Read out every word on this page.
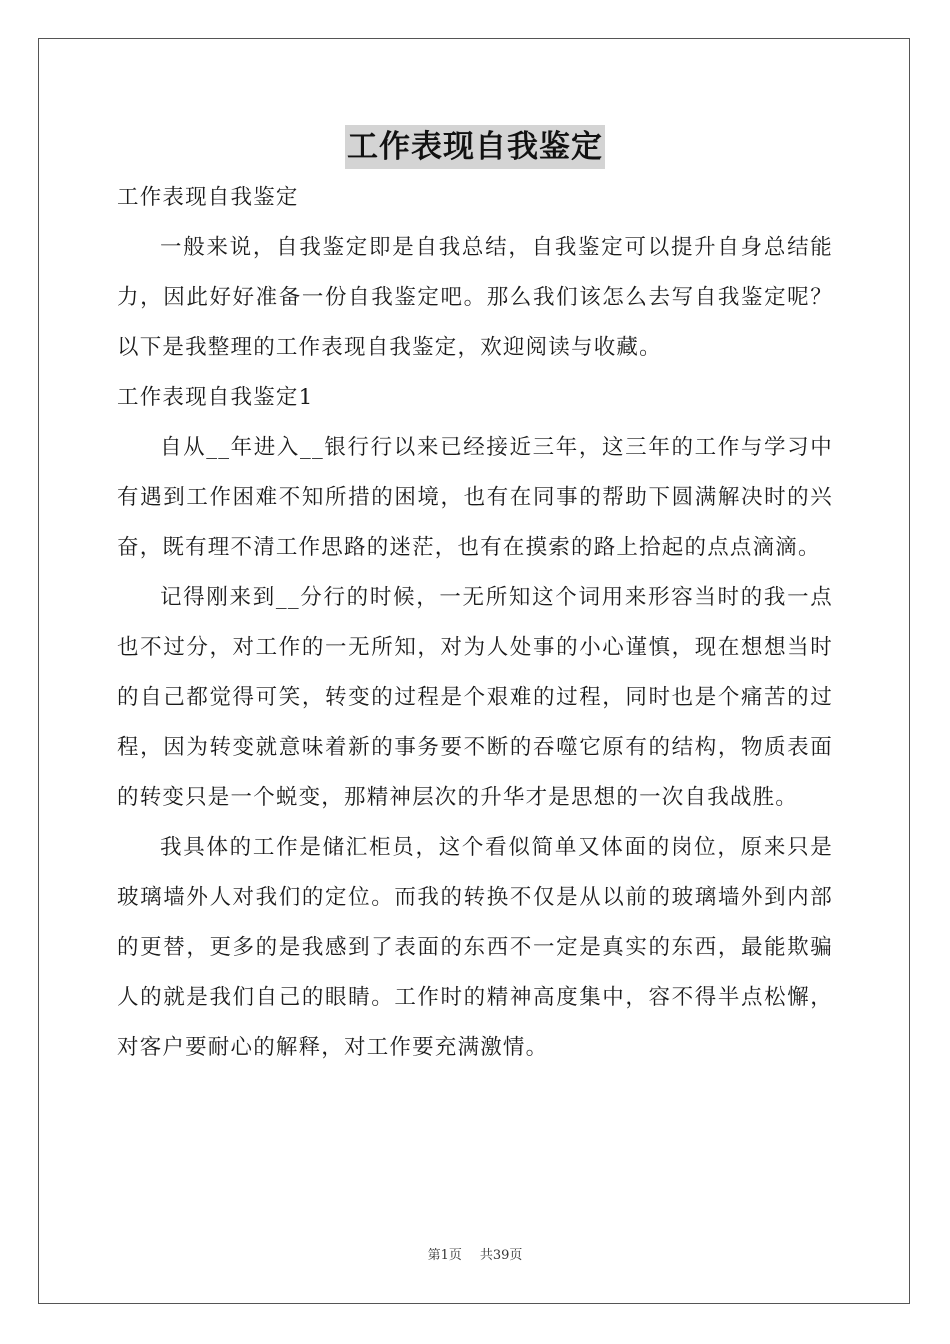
工作表现自我鉴定

工作表现自我鉴定

一般来说，自我鉴定即是自我总结，自我鉴定可以提升自身总结能力，因此好好准备一份自我鉴定吧。那么我们该怎么去写自我鉴定呢？以下是我整理的工作表现自我鉴定，欢迎阅读与收藏。

工作表现自我鉴定1

自从__年进入__银行行以来已经接近三年，这三年的工作与学习中有遇到工作困难不知所措的困境，也有在同事的帮助下圆满解决时的兴奋，既有理不清工作思路的迷茫，也有在摸索的路上拾起的点点滴滴。

记得刚来到__分行的时候，一无所知这个词用来形容当时的我一点也不过分，对工作的一无所知，对为人处事的小心谨慎，现在想想当时的自己都觉得可笑，转变的过程是个艰难的过程，同时也是个痛苦的过程，因为转变就意味着新的事务要不断的吞噬它原有的结构，物质表面的转变只是一个蜕变，那精神层次的升华才是思想的一次自我战胜。

我具体的工作是储汇柜员，这个看似简单又体面的岗位，原来只是玻璃墙外人对我们的定位。而我的转换不仅是从以前的玻璃墙外到内部的更替，更多的是我感到了表面的东西不一定是真实的东西，最能欺骗人的就是我们自己的眼睛。工作时的精神高度集中，容不得半点松懈，对客户要耐心的解释，对工作要充满激情。

第1页 共39页
